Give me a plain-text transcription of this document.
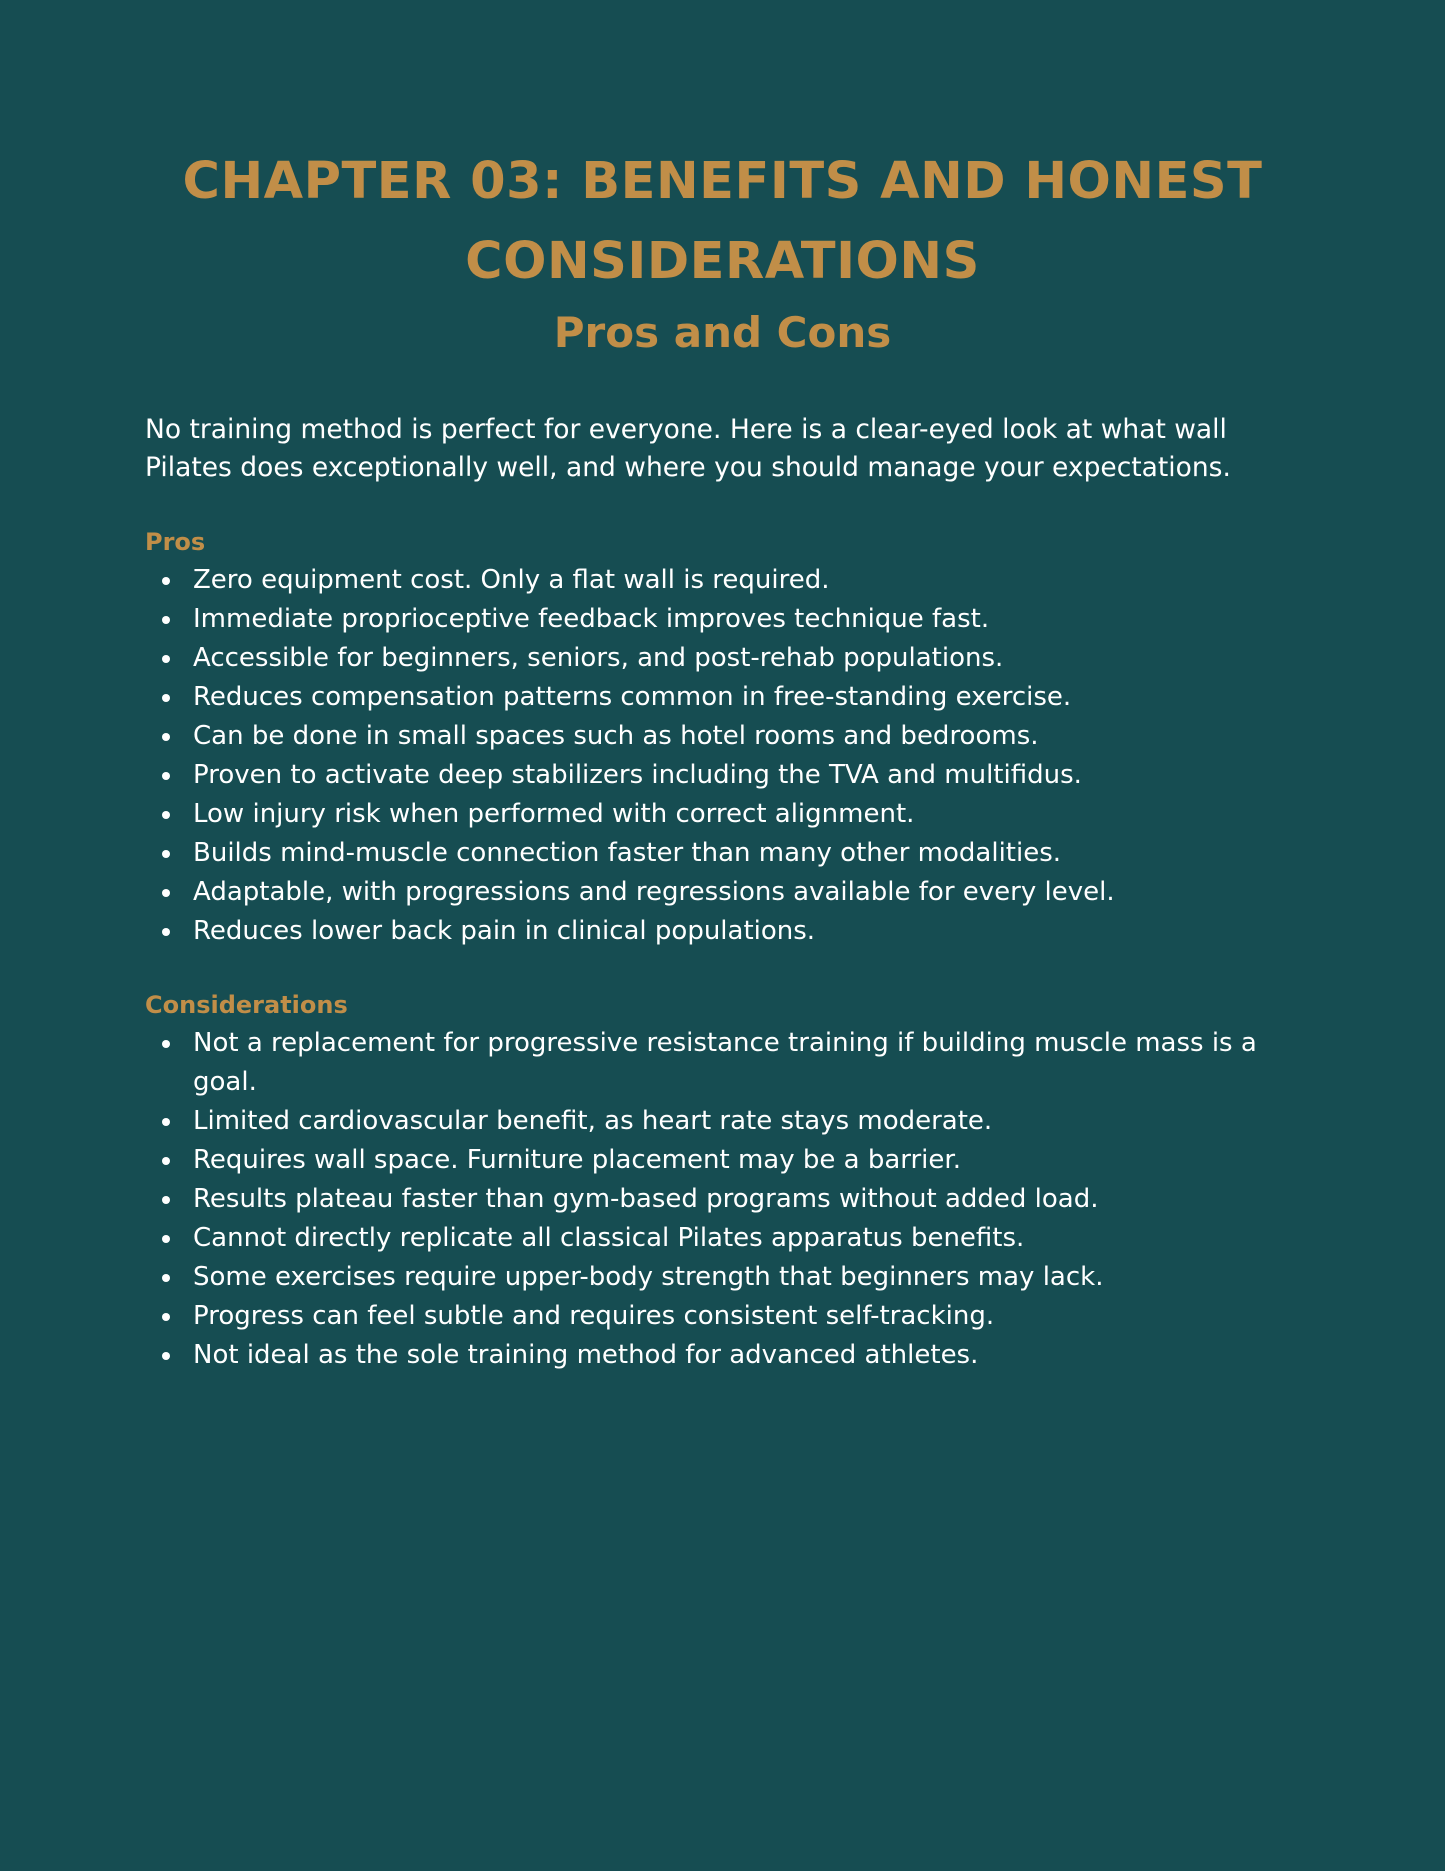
CHAPTER 03: BENEFITS AND HONEST CONSIDERATIONS
Pros and Cons

No training method is perfect for everyone. Here is a clear-eyed look at what wall Pilates does exceptionally well, and where you should manage your expectations.

Pros
Zero equipment cost. Only a flat wall is required.
Immediate proprioceptive feedback improves technique fast.
Accessible for beginners, seniors, and post-rehab populations.
Reduces compensation patterns common in free-standing exercise.
Can be done in small spaces such as hotel rooms and bedrooms.
Proven to activate deep stabilizers including the TVA and multifidus.
Low injury risk when performed with correct alignment.
Builds mind-muscle connection faster than many other modalities.
Adaptable, with progressions and regressions available for every level.
Reduces lower back pain in clinical populations.
Considerations
Not a replacement for progressive resistance training if building muscle mass is a goal.
Limited cardiovascular benefit, as heart rate stays moderate.
Requires wall space. Furniture placement may be a barrier.
Results plateau faster than gym-based programs without added load.
Cannot directly replicate all classical Pilates apparatus benefits.
Some exercises require upper-body strength that beginners may lack.
Progress can feel subtle and requires consistent self-tracking.
Not ideal as the sole training method for advanced athletes.
